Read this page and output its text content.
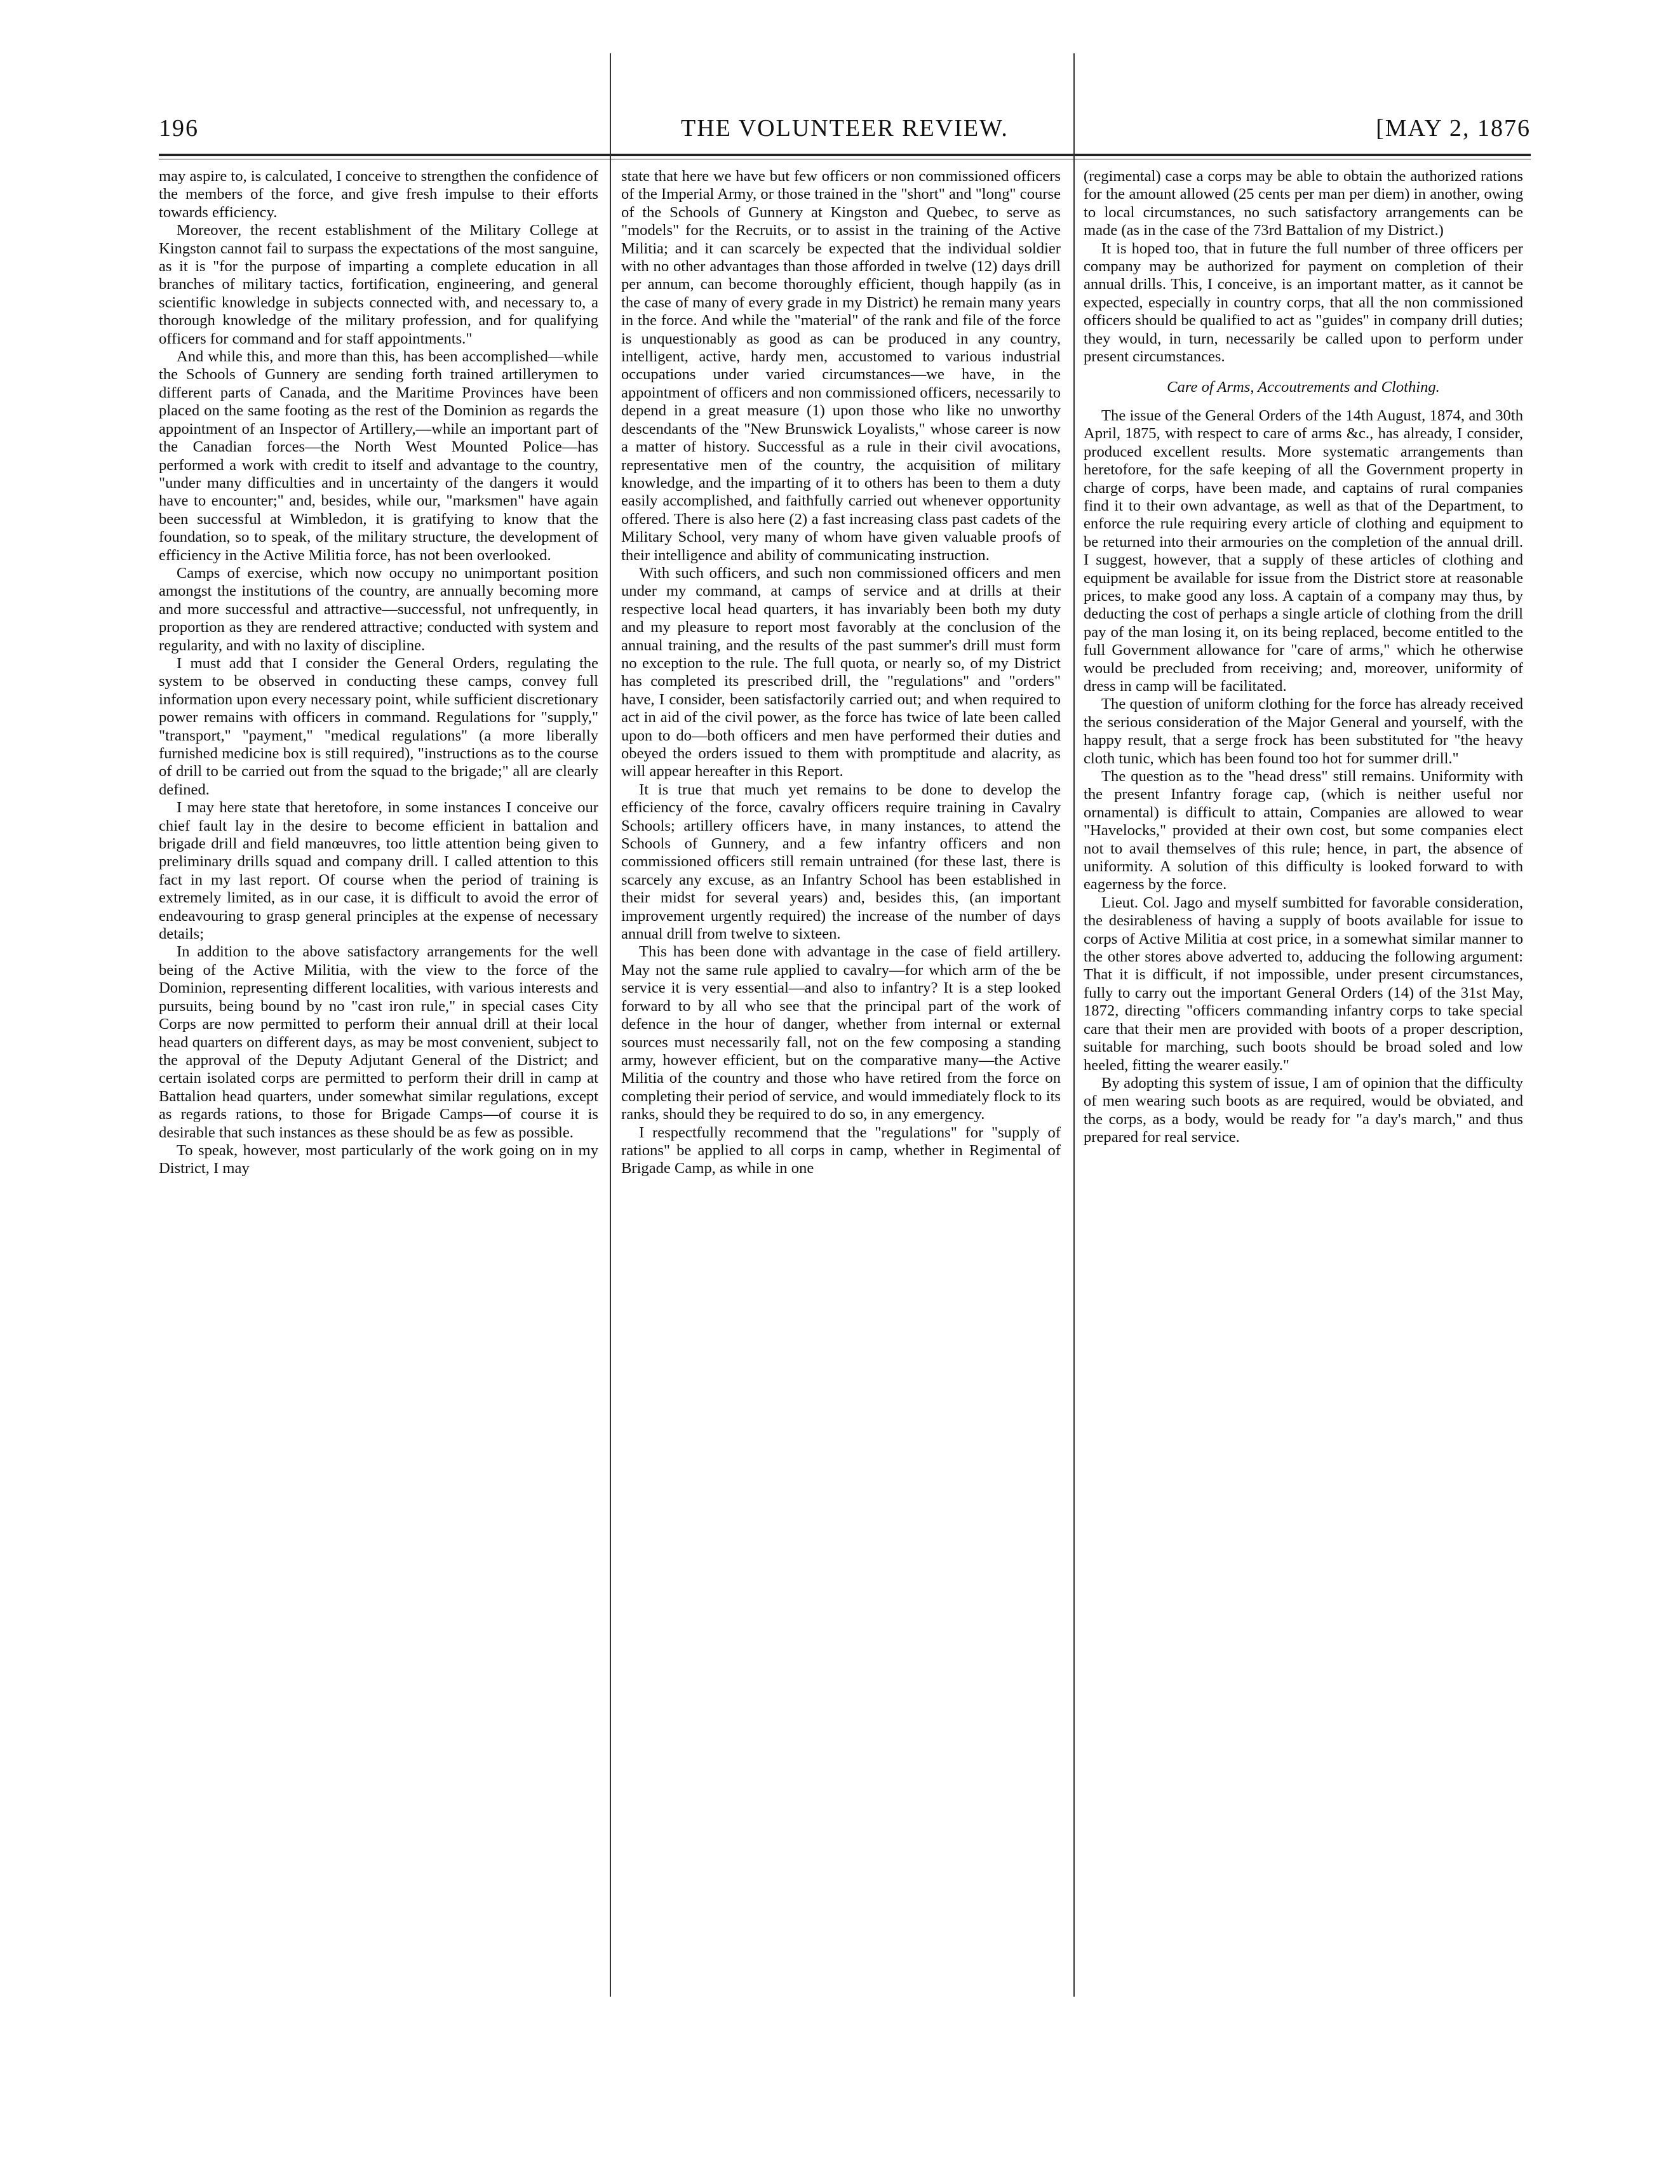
196	THE VOLUNTEER REVIEW.	[MAY 2, 1876

may aspire to, is calculated, I conceive to strengthen the confidence of the members of the force, and give fresh impulse to their efforts towards efficiency.

Moreover, the recent establishment of the Military College at Kingston cannot fail to surpass the expectations of the most sanguine, as it is "for the purpose of imparting a complete education in all branches of military tactics, fortification, engineering, and general scientific knowledge in subjects connected with, and necessary to, a thorough knowledge of the military profession, and for qualifying officers for command and for staff appointments."

And while this, and more than this, has been accomplished—while the Schools of Gunnery are sending forth trained artillerymen to different parts of Canada, and the Maritime Provinces have been placed on the same footing as the rest of the Dominion as regards the appointment of an Inspector of Artillery,—while an important part of the Canadian forces—the North West Mounted Police—has performed a work with credit to itself and advantage to the country, "under many difficulties and in uncertainty of the dangers it would have to encounter;" and, besides, while our, "marksmen" have again been successful at Wimbledon, it is gratifying to know that the foundation, so to speak, of the military structure, the development of efficiency in the Active Militia force, has not been overlooked.

Camps of exercise, which now occupy no unimportant position amongst the institutions of the country, are annually becoming more and more successful and attractive—successful, not unfrequently, in proportion as they are rendered attractive; conducted with system and regularity, and with no laxity of discipline.

I must add that I consider the General Orders, regulating the system to be observed in conducting these camps, convey full information upon every necessary point, while sufficient discretionary power remains with officers in command. Regulations for "supply," "transport," "payment," "medical regulations" (a more liberally furnished medicine box is still required), "instructions as to the course of drill to be carried out from the squad to the brigade;" all are clearly defined.

I may here state that heretofore, in some instances I conceive our chief fault lay in the desire to become efficient in battalion and brigade drill and field manœuvres, too little attention being given to preliminary drills squad and company drill. I called attention to this fact in my last report. Of course when the period of training is extremely limited, as in our case, it is difficult to avoid the error of endeavouring to grasp general principles at the expense of necessary details;

In addition to the above satisfactory arrangements for the well being of the Active Militia, with the view to the force of the Dominion, representing different localities, with various interests and pursuits, being bound by no "cast iron rule," in special cases City Corps are now permitted to perform their annual drill at their local head quarters on different days, as may be most convenient, subject to the approval of the Deputy Adjutant General of the District; and certain isolated corps are permitted to perform their drill in camp at Battalion head quarters, under somewhat similar regulations, except as regards rations, to those for Brigade Camps—of course it is desirable that such instances as these should be as few as possible.

To speak, however, most particularly of the work going on in my District, I may

state that here we have but few officers or non commissioned officers of the Imperial Army, or those trained in the "short" and "long" course of the Schools of Gunnery at Kingston and Quebec, to serve as "models" for the Recruits, or to assist in the training of the Active Militia; and it can scarcely be expected that the individual soldier with no other advantages than those afforded in twelve (12) days drill per annum, can become thoroughly efficient, though happily (as in the case of many of every grade in my District) he remain many years in the force. And while the "material" of the rank and file of the force is unquestionably as good as can be produced in any country, intelligent, active, hardy men, accustomed to various industrial occupations under varied circumstances—we have, in the appointment of officers and non commissioned officers, necessarily to depend in a great measure (1) upon those who like no unworthy descendants of the "New Brunswick Loyalists," whose career is now a matter of history. Successful as a rule in their civil avocations, representative men of the country, the acquisition of military knowledge, and the imparting of it to others has been to them a duty easily accomplished, and faithfully carried out whenever opportunity offered. There is also here (2) a fast increasing class past cadets of the Military School, very many of whom have given valuable proofs of their intelligence and ability of communicating instruction.

With such officers, and such non commissioned officers and men under my command, at camps of service and at drills at their respective local head quarters, it has invariably been both my duty and my pleasure to report most favorably at the conclusion of the annual training, and the results of the past summer's drill must form no exception to the rule. The full quota, or nearly so, of my District has completed its prescribed drill, the "regulations" and "orders" have, I consider, been satisfactorily carried out; and when required to act in aid of the civil power, as the force has twice of late been called upon to do—both officers and men have performed their duties and obeyed the orders issued to them with promptitude and alacrity, as will appear hereafter in this Report.

It is true that much yet remains to be done to develop the efficiency of the force, cavalry officers require training in Cavalry Schools; artillery officers have, in many instances, to attend the Schools of Gunnery, and a few infantry officers and non commissioned officers still remain untrained (for these last, there is scarcely any excuse, as an Infantry School has been established in their midst for several years) and, besides this, (an important improvement urgently required) the increase of the number of days annual drill from twelve to sixteen.

This has been done with advantage in the case of field artillery. May not the same rule applied to cavalry—for which arm of the be service it is very essential—and also to infantry? It is a step looked forward to by all who see that the principal part of the work of defence in the hour of danger, whether from internal or external sources must necessarily fall, not on the few composing a standing army, however efficient, but on the comparative many—the Active Militia of the country and those who have retired from the force on completing their period of service, and would immediately flock to its ranks, should they be required to do so, in any emergency.

I respectfully recommend that the "regulations" for "supply of rations" be applied to all corps in camp, whether in Regimental of Brigade Camp, as while in one

(regimental) case a corps may be able to obtain the authorized rations for the amount allowed (25 cents per man per diem) in another, owing to local circumstances, no such satisfactory arrangements can be made (as in the case of the 73rd Battalion of my District.)

It is hoped too, that in future the full number of three officers per company may be authorized for payment on completion of their annual drills. This, I conceive, is an important matter, as it cannot be expected, especially in country corps, that all the non commissioned officers should be qualified to act as "guides" in company drill duties; they would, in turn, necessarily be called upon to perform under present circumstances.

Care of Arms, Accoutrements and Clothing.

The issue of the General Orders of the 14th August, 1874, and 30th April, 1875, with respect to care of arms &c., has already, I consider, produced excellent results. More systematic arrangements than heretofore, for the safe keeping of all the Government property in charge of corps, have been made, and captains of rural companies find it to their own advantage, as well as that of the Department, to enforce the rule requiring every article of clothing and equipment to be returned into their armouries on the completion of the annual drill. I suggest, however, that a supply of these articles of clothing and equipment be available for issue from the District store at reasonable prices, to make good any loss. A captain of a company may thus, by deducting the cost of perhaps a single article of clothing from the drill pay of the man losing it, on its being replaced, become entitled to the full Government allowance for "care of arms," which he otherwise would be precluded from receiving; and, moreover, uniformity of dress in camp will be facilitated.

The question of uniform clothing for the force has already received the serious consideration of the Major General and yourself, with the happy result, that a serge frock has been substituted for "the heavy cloth tunic, which has been found too hot for summer drill."

The question as to the "head dress" still remains. Uniformity with the present Infantry forage cap, (which is neither useful nor ornamental) is difficult to attain, Companies are allowed to wear "Havelocks," provided at their own cost, but some companies elect not to avail themselves of this rule; hence, in part, the absence of uniformity. A solution of this difficulty is looked forward to with eagerness by the force.

Lieut. Col. Jago and myself sumbitted for favorable consideration, the desirableness of having a supply of boots available for issue to corps of Active Militia at cost price, in a somewhat similar manner to the other stores above adverted to, adducing the following argument: That it is difficult, if not impossible, under present circumstances, fully to carry out the important General Orders (14) of the 31st May, 1872, directing "officers commanding infantry corps to take special care that their men are provided with boots of a proper description, suitable for marching, such boots should be broad soled and low heeled, fitting the wearer easily."

By adopting this system of issue, I am of opinion that the difficulty of men wearing such boots as are required, would be obviated, and the corps, as a body, would be ready for "a day's march," and thus prepared for real service.
